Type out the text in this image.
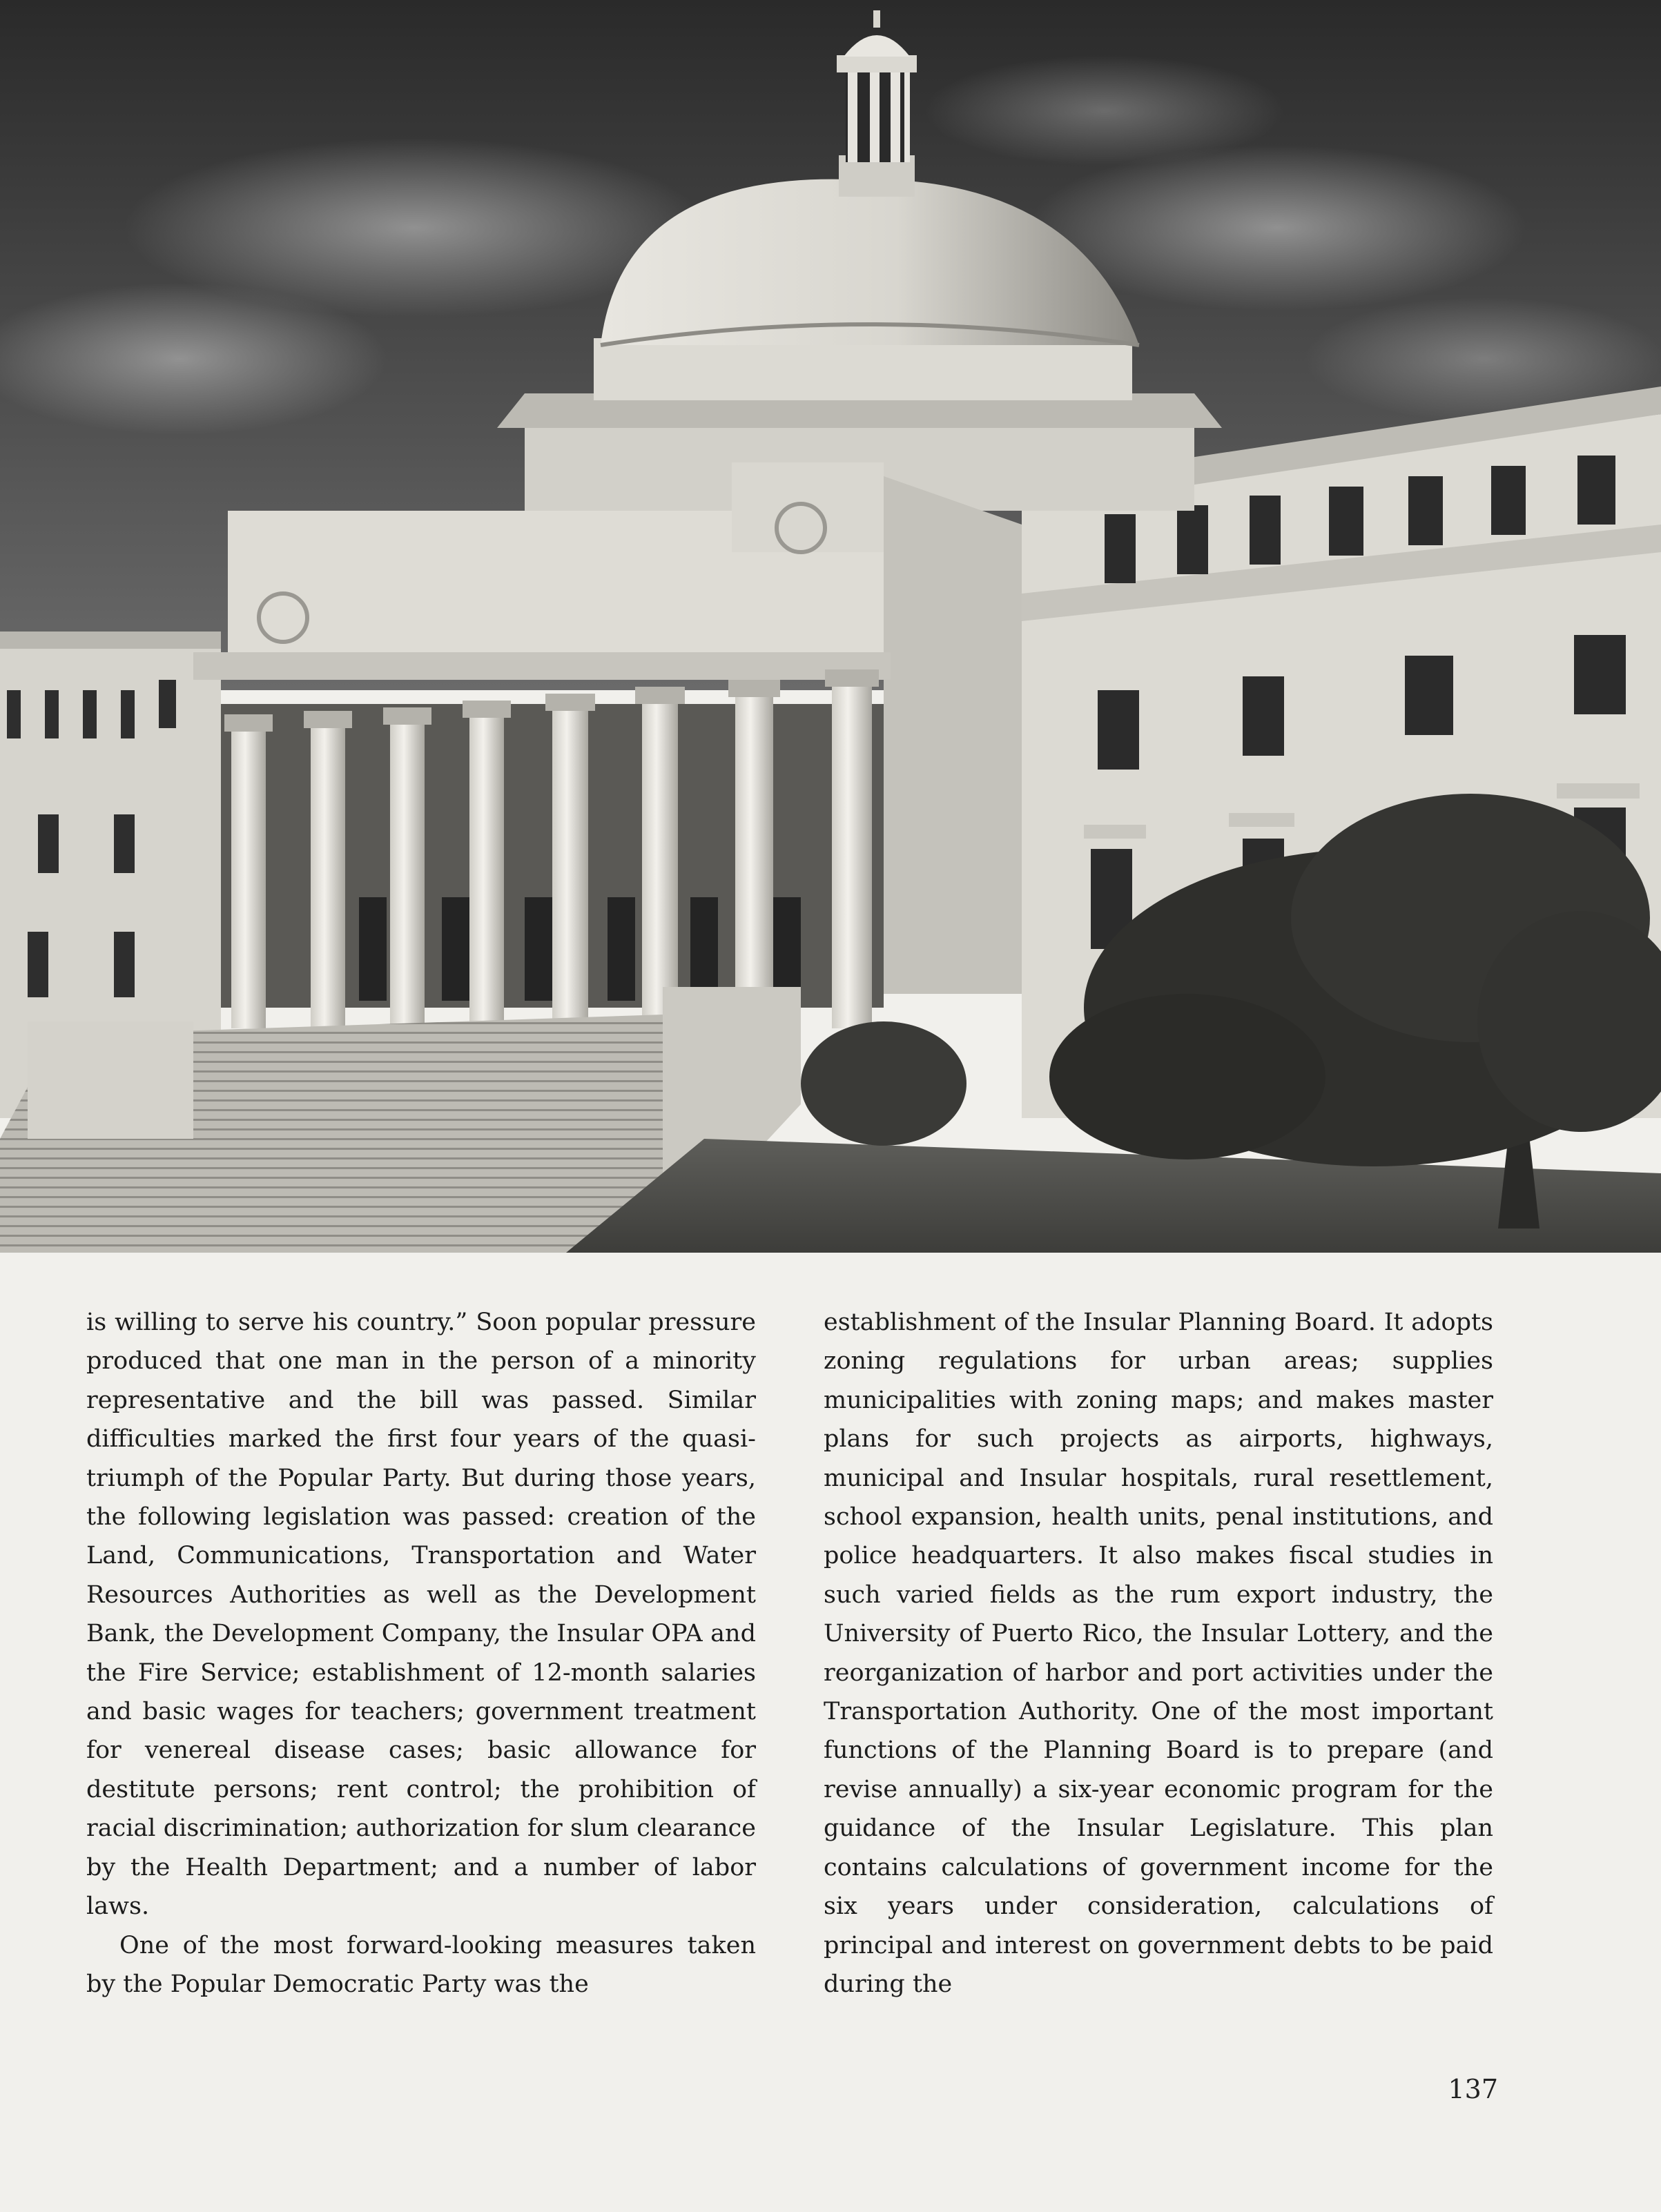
is willing to serve his country.” Soon popular pressure produced that one man in the person of a minority representative and the bill was passed. Similar difficulties marked the first four years of the quasi-triumph of the Popular Party. But during those years, the following legislation was passed: creation of the Land, Communications, Transportation and Water Resources Authorities as well as the Development Bank, the Development Company, the Insular OPA and the Fire Service; establishment of 12-month salaries and basic wages for teachers; government treatment for venereal disease cases; basic allowance for destitute persons; rent control; the prohibition of racial discrimination; authorization for slum clearance by the Health Department; and a number of labor laws.

One of the most forward-looking measures taken by the Popular Democratic Party was the

establishment of the Insular Planning Board. It adopts zoning regulations for urban areas; supplies municipalities with zoning maps; and makes master plans for such projects as airports, highways, municipal and Insular hospitals, rural resettlement, school expansion, health units, penal institutions, and police headquarters. It also makes fiscal studies in such varied fields as the rum export industry, the University of Puerto Rico, the Insular Lottery, and the reorganization of harbor and port activities under the Transportation Authority. One of the most important functions of the Planning Board is to prepare (and revise annually) a six-year economic program for the guidance of the Insular Legislature. This plan contains calculations of government income for the six years under consideration, calculations of principal and interest on government debts to be paid during the

137
